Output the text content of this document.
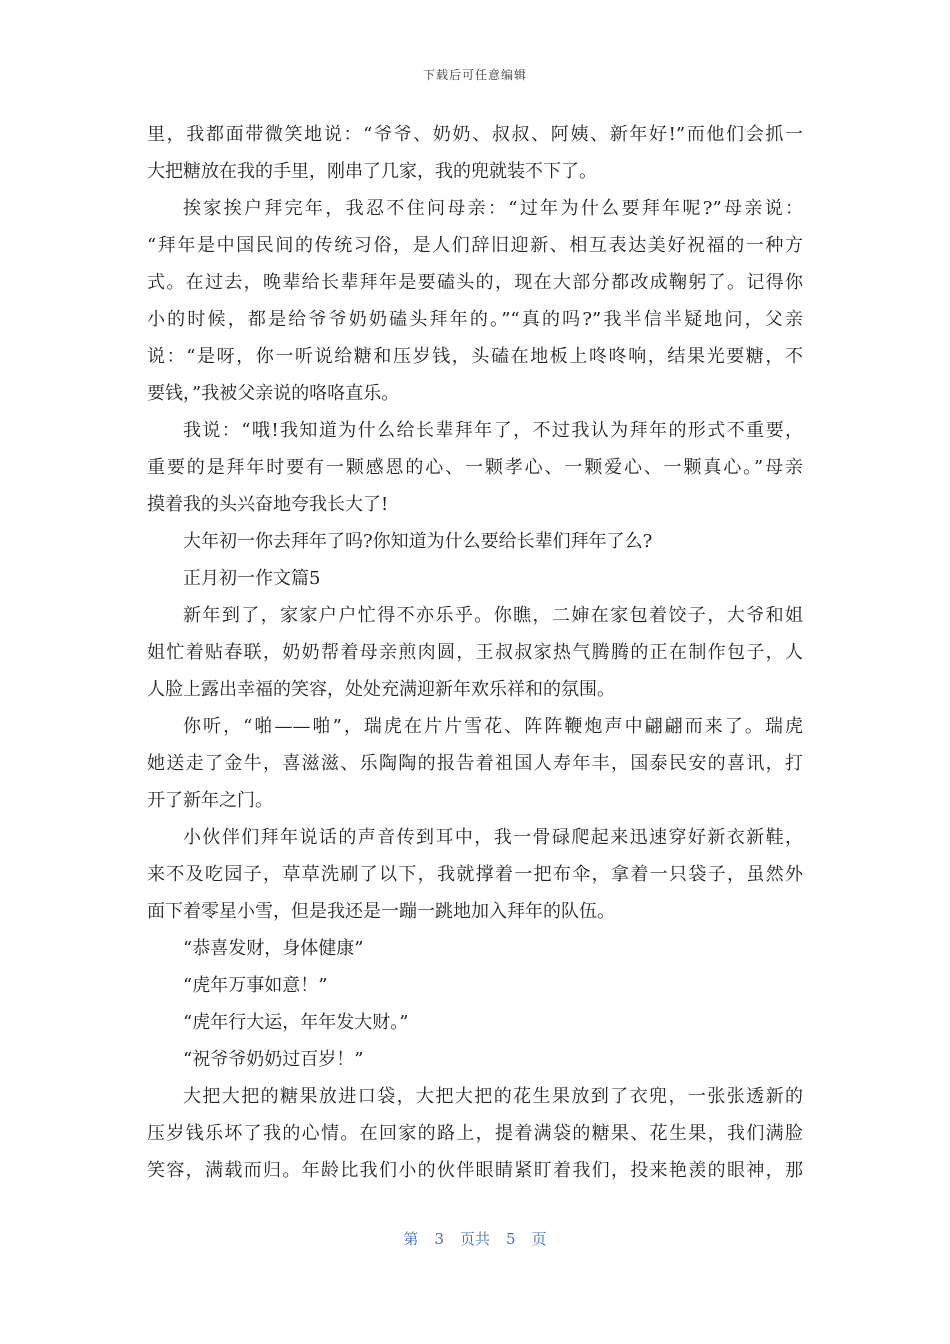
下载后可任意编辑
里，我都面带微笑地说：“爷爷、奶奶、叔叔、阿姨、新年好!”而他们会抓一
大把糖放在我的手里，刚串了几家，我的兜就装不下了。
挨家挨户拜完年，我忍不住问母亲：“过年为什么要拜年呢?”母亲说：
“拜年是中国民间的传统习俗，是人们辞旧迎新、相互表达美好祝福的一种方
式。在过去，晚辈给长辈拜年是要磕头的，现在大部分都改成鞠躬了。记得你
小的时候，都是给爷爷奶奶磕头拜年的。”“真的吗?”我半信半疑地问，父亲
说：“是呀，你一听说给糖和压岁钱，头磕在地板上咚咚响，结果光要糖，不
要钱，”我被父亲说的咯咯直乐。
我说：“哦!我知道为什么给长辈拜年了，不过我认为拜年的形式不重要，
重要的是拜年时要有一颗感恩的心、一颗孝心、一颗爱心、一颗真心。”母亲
摸着我的头兴奋地夸我长大了!
大年初一你去拜年了吗?你知道为什么要给长辈们拜年了么?
正月初一作文篇5
新年到了，家家户户忙得不亦乐乎。你瞧，二婶在家包着饺子，大爷和姐
姐忙着贴春联，奶奶帮着母亲煎肉圆，王叔叔家热气腾腾的正在制作包子，人
人脸上露出幸福的笑容，处处充满迎新年欢乐祥和的氛围。
你听，“啪——啪”，瑞虎在片片雪花、阵阵鞭炮声中翩翩而来了。瑞虎
她送走了金牛，喜滋滋、乐陶陶的报告着祖国人寿年丰，国泰民安的喜讯，打
开了新年之门。
小伙伴们拜年说话的声音传到耳中，我一骨碌爬起来迅速穿好新衣新鞋，
来不及吃园子，草草洗刷了以下，我就撑着一把布伞，拿着一只袋子，虽然外
面下着零星小雪，但是我还是一蹦一跳地加入拜年的队伍。
“恭喜发财，身体健康”
“虎年万事如意！”
“虎年行大运，年年发大财。”
“祝爷爷奶奶过百岁！”
大把大把的糖果放进口袋，大把大把的花生果放到了衣兜，一张张透新的
压岁钱乐坏了我的心情。在回家的路上，提着满袋的糖果、花生果，我们满脸
笑容，满载而归。年龄比我们小的伙伴眼睛紧盯着我们，投来艳羡的眼神，那
第 3 页共 5 页
